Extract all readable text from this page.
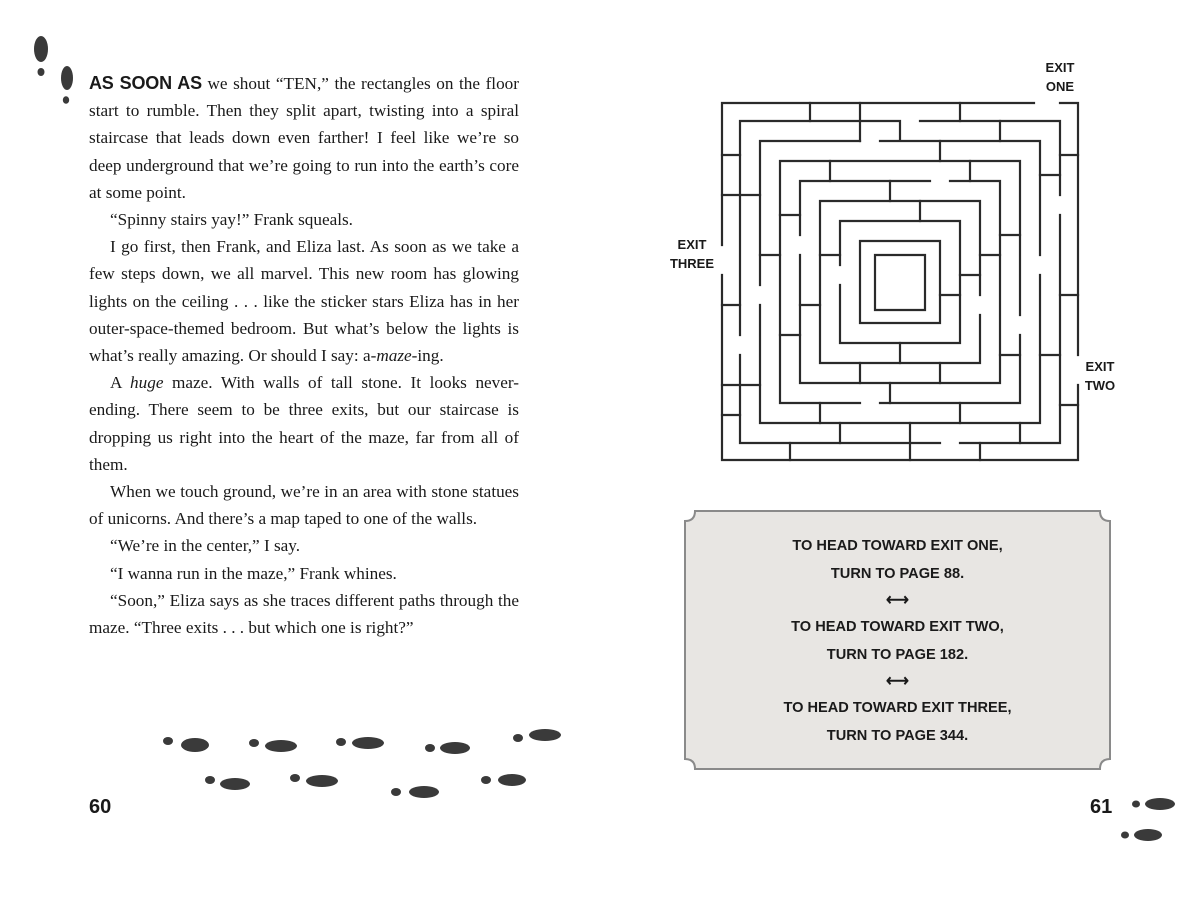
AS SOON AS we shout “TEN,” the rectangles on the floor start to rumble. Then they split apart, twisting into a spiral staircase that leads down even farther! I feel like we’re so deep underground that we’re going to run into the earth’s core at some point.

“Spinny stairs yay!” Frank squeals.

I go first, then Frank, and Eliza last. As soon as we take a few steps down, we all marvel. This new room has glowing lights on the ceiling . . . like the sticker stars Eliza has in her outer-space-themed bedroom. But what’s below the lights is what’s really amazing. Or should I say: a-maze-ing.

A huge maze. With walls of tall stone. It looks never-ending. There seem to be three exits, but our staircase is dropping us right into the heart of the maze, far from all of them.

When we touch ground, we’re in an area with stone statues of unicorns. And there’s a map taped to one of the walls.

“We’re in the center,” I say.

“I wanna run in the maze,” Frank whines.

“Soon,” Eliza says as she traces different paths through the maze. “Three exits . . . but which one is right?”

60
EXIT
ONE
EXIT
THREE
EXIT
TWO
TO HEAD TOWARD EXIT ONE,
TURN TO PAGE 88.
⟷
TO HEAD TOWARD EXIT TWO,
TURN TO PAGE 182.
⟷
TO HEAD TOWARD EXIT THREE,
TURN TO PAGE 344.
61
